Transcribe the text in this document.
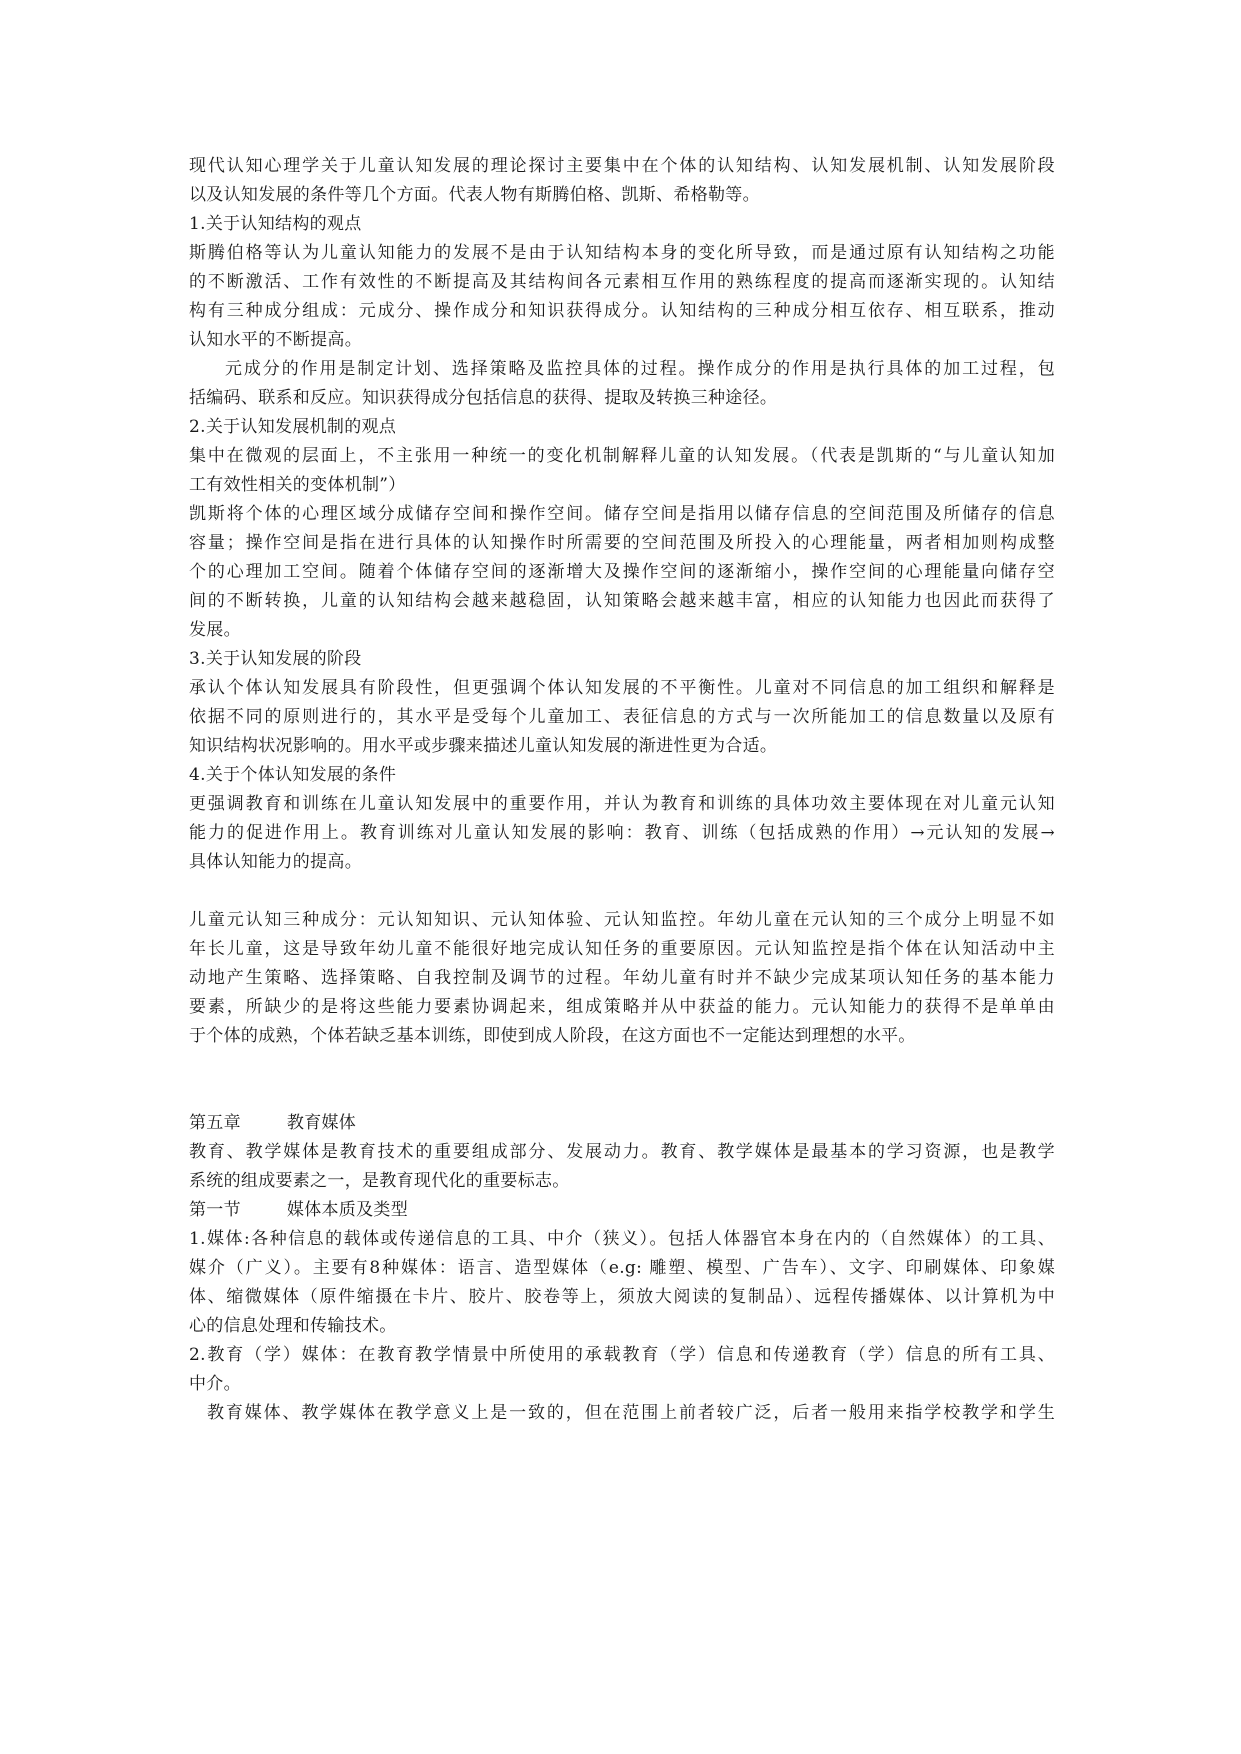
现代认知心理学关于儿童认知发展的理论探讨主要集中在个体的认知结构、认知发展机制、认知发展阶段
以及认知发展的条件等几个方面。代表人物有斯腾伯格、凯斯、希格勒等。
1.关于认知结构的观点
斯腾伯格等认为儿童认知能力的发展不是由于认知结构本身的变化所导致，而是通过原有认知结构之功能
的不断激活、工作有效性的不断提高及其结构间各元素相互作用的熟练程度的提高而逐渐实现的。认知结
构有三种成分组成：元成分、操作成分和知识获得成分。认知结构的三种成分相互依存、相互联系，推动
认知水平的不断提高。
元成分的作用是制定计划、选择策略及监控具体的过程。操作成分的作用是执行具体的加工过程，包
括编码、联系和反应。知识获得成分包括信息的获得、提取及转换三种途径。
2.关于认知发展机制的观点
集中在微观的层面上，不主张用一种统一的变化机制解释儿童的认知发展。（代表是凯斯的“与儿童认知加
工有效性相关的变体机制”）
凯斯将个体的心理区域分成储存空间和操作空间。储存空间是指用以储存信息的空间范围及所储存的信息
容量；操作空间是指在进行具体的认知操作时所需要的空间范围及所投入的心理能量，两者相加则构成整
个的心理加工空间。随着个体储存空间的逐渐增大及操作空间的逐渐缩小，操作空间的心理能量向储存空
间的不断转换，儿童的认知结构会越来越稳固，认知策略会越来越丰富，相应的认知能力也因此而获得了
发展。
3.关于认知发展的阶段
承认个体认知发展具有阶段性，但更强调个体认知发展的不平衡性。儿童对不同信息的加工组织和解释是
依据不同的原则进行的，其水平是受每个儿童加工、表征信息的方式与一次所能加工的信息数量以及原有
知识结构状况影响的。用水平或步骤来描述儿童认知发展的渐进性更为合适。
4.关于个体认知发展的条件
更强调教育和训练在儿童认知发展中的重要作用，并认为教育和训练的具体功效主要体现在对儿童元认知
能力的促进作用上。教育训练对儿童认知发展的影响：教育、训练（包括成熟的作用）→元认知的发展→
具体认知能力的提高。
儿童元认知三种成分：元认知知识、元认知体验、元认知监控。年幼儿童在元认知的三个成分上明显不如
年长儿童，这是导致年幼儿童不能很好地完成认知任务的重要原因。元认知监控是指个体在认知活动中主
动地产生策略、选择策略、自我控制及调节的过程。年幼儿童有时并不缺少完成某项认知任务的基本能力
要素，所缺少的是将这些能力要素协调起来，组成策略并从中获益的能力。元认知能力的获得不是单单由
于个体的成熟，个体若缺乏基本训练，即使到成人阶段，在这方面也不一定能达到理想的水平。
第五章	教育媒体
教育、教学媒体是教育技术的重要组成部分、发展动力。教育、教学媒体是最基本的学习资源，也是教学
系统的组成要素之一，是教育现代化的重要标志。
第一节	媒体本质及类型
1.媒体:各种信息的载体或传递信息的工具、中介（狭义）。包括人体器官本身在内的（自然媒体）的工具、
媒介（广义）。主要有8种媒体：语言、造型媒体（e.g: 雕塑、模型、广告车）、文字、印刷媒体、印象媒
体、缩微媒体（原件缩摄在卡片、胶片、胶卷等上，须放大阅读的复制品）、远程传播媒体、以计算机为中
心的信息处理和传输技术。
2.教育（学）媒体：在教育教学情景中所使用的承载教育（学）信息和传递教育（学）信息的所有工具、
中介。
教育媒体、教学媒体在教学意义上是一致的，但在范围上前者较广泛，后者一般用来指学校教学和学生
